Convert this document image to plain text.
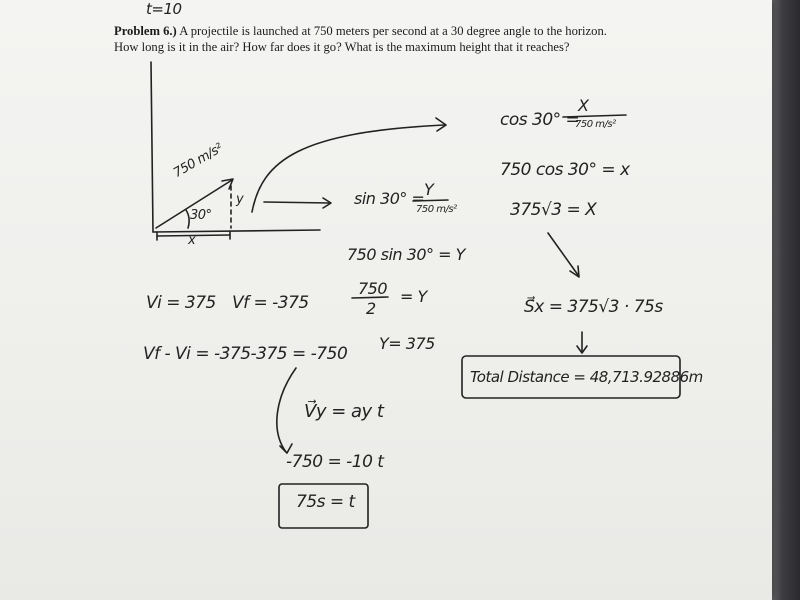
t=10
Problem 6.) A projectile is launched at 750 meters per second at a 30 degree angle to the horizon.
How long is it in the air? How far does it go? What is the maximum height that it reaches?
750 m/s²
30°
y
x
sin 30° = Y
750 m/s²
750 sin 30° = Y
750
2
= Y
Y= 375
cos 30° =
X
750 m/s²
750 cos 30° = x
375√3 = X
S⃗x = 375√3 · 75s
Total Distance = 48,713.92886m
Vi = 375 Vf = -375
Vf - Vi = -375-375 = -750
V⃗y = ay t
-750 = -10 t
75s = t
